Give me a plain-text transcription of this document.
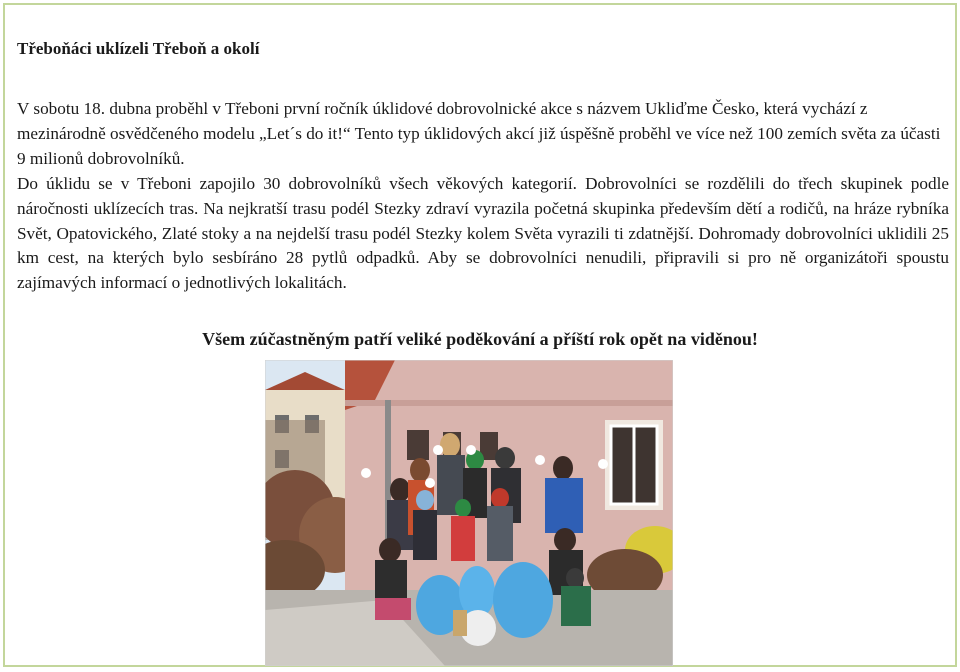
Třeboňáci uklízeli Třeboň a okolí

V sobotu 18. dubna proběhl v Třeboni první ročník úklidové dobrovolnické akce s názvem Ukliďme Česko, která vychází z mezinárodně osvědčeného modelu „Let´s do it!“ Tento typ úklidových akcí již úspěšně proběhl ve více než 100 zemích světa za účasti 9 milionů dobrovolníků.

Do úklidu se v Třeboni zapojilo 30 dobrovolníků všech věkových kategorií. Dobrovolníci se rozdělili do třech skupinek podle náročnosti uklízecích tras. Na nejkratší trasu podél Stezky zdraví vyrazila početná skupinka především dětí a rodičů, na hráze rybníka Svět, Opatovického, Zlaté stoky a na nejdelší trasu podél Stezky kolem Světa vyrazili ti zdatnější. Dohromady dobrovolníci uklidili 25 km cest, na kterých bylo sesbíráno 28 pytlů odpadků. Aby se dobrovolníci nenudili, připravili si pro ně organizátoři spoustu zajímavých informací o jednotlivých lokalitách.

Všem zúčastněným patří veliké poděkování a příští rok opět na viděnou!
